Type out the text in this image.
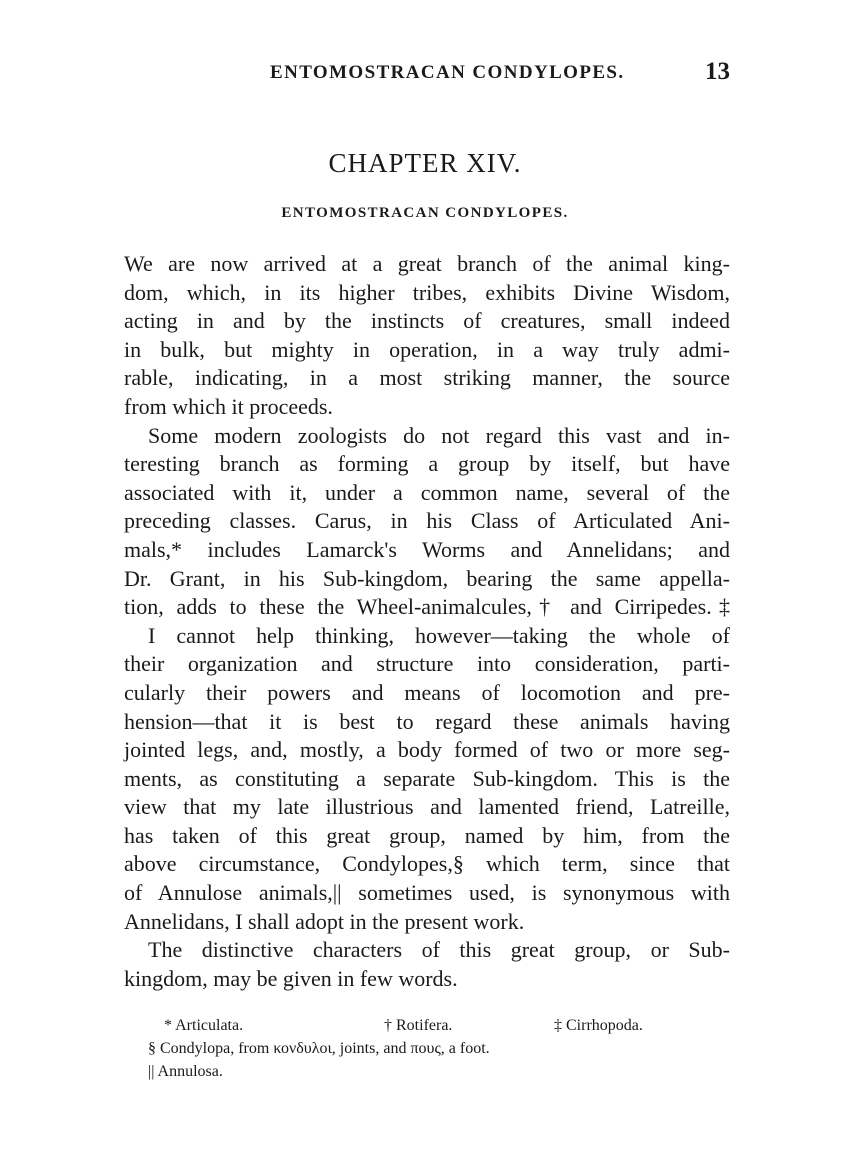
ENTOMOSTRACAN CONDYLOPES.	13
CHAPTER XIV.
ENTOMOSTRACAN CONDYLOPES.
We are now arrived at a great branch of the animal king-
dom, which, in its higher tribes, exhibits Divine Wisdom,
acting in and by the instincts of creatures, small indeed
in bulk, but mighty in operation, in a way truly admi-
rable, indicating, in a most striking manner, the source
from which it proceeds.
Some modern zoologists do not regard this vast and in-
teresting branch as forming a group by itself, but have
associated with it, under a common name, several of the
preceding classes. Carus, in his Class of Articulated Ani-
mals,* includes Lamarck's Worms and Annelidans; and
Dr. Grant, in his Sub-kingdom, bearing the same appella-
tion, adds to these the Wheel-animalcules,† and Cirripedes.‡
I cannot help thinking, however—taking the whole of
their organization and structure into consideration, parti-
cularly their powers and means of locomotion and pre-
hension—that it is best to regard these animals having
jointed legs, and, mostly, a body formed of two or more seg-
ments, as constituting a separate Sub-kingdom. This is the
view that my late illustrious and lamented friend, Latreille,
has taken of this great group, named by him, from the
above circumstance, Condylopes,§ which term, since that
of Annulose animals,|| sometimes used, is synonymous with
Annelidans, I shall adopt in the present work.
The distinctive characters of this great group, or Sub-
kingdom, may be given in few words.
* Articulata.	† Rotifera.	‡ Cirrhopoda.
§ Condylopa, from κονδυλοι, joints, and πους, a foot.
|| Annulosa.
